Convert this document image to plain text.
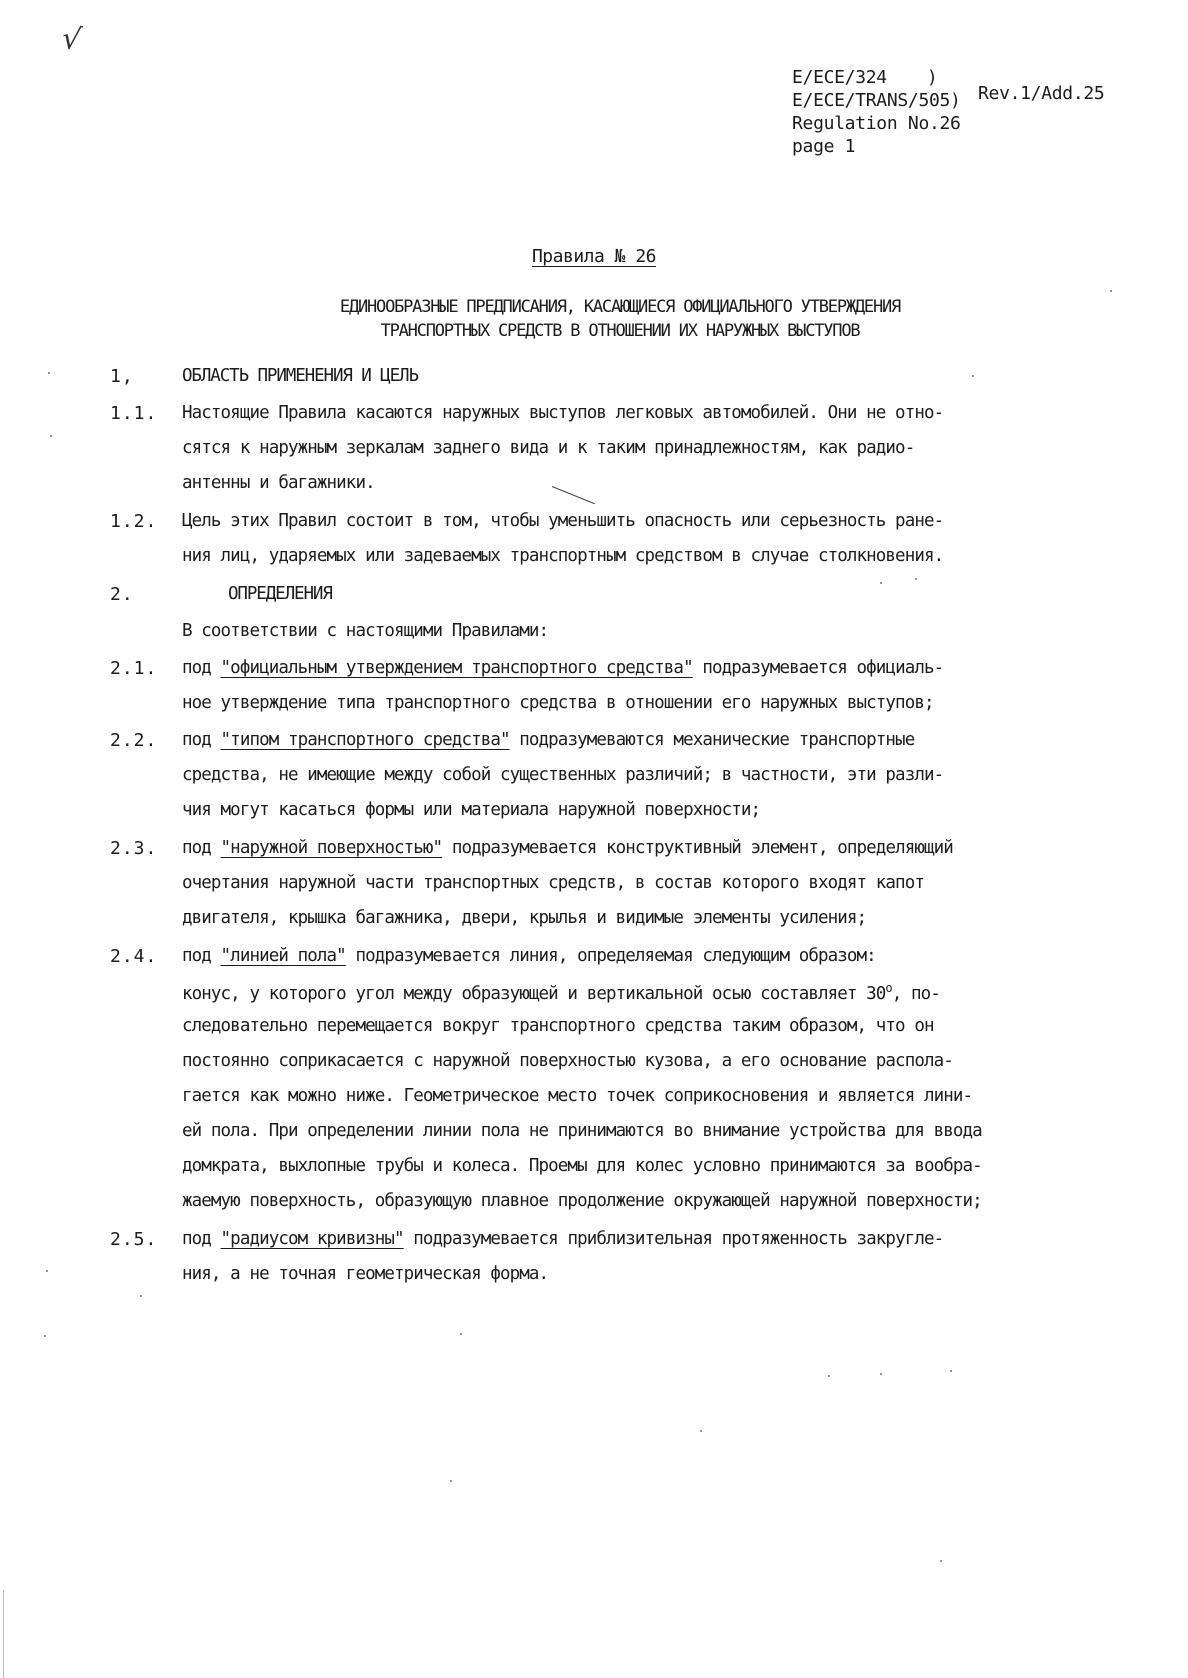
√
E/ECE/324 )
E/ECE/TRANS/505) Rev.1/Add.25
Regulation No.26
page 1
Правила № 26
ЕДИНООБРАЗНЫЕ ПРЕДПИСАНИЯ, КАСАЮЩИЕСЯ ОФИЦИАЛЬНОГО УТВЕРЖДЕНИЯ
ТРАНСПОРТНЫХ СРЕДСТВ В ОТНОШЕНИИ ИХ НАРУЖНЫХ ВЫСТУПОВ
1,	ОБЛАСТЬ ПРИМЕНЕНИЯ И ЦЕЛЬ
1.1. Настоящие Правила касаются наружных выступов легковых автомобилей. Они не отно-
сятся к наружным зеркалам заднего вида и к таким принадлежностям, как радио-
антенны и багажники.
1.2. Цель этих Правил состоит в том, чтобы уменьшить опасность или серьезность ране-
ния лиц, ударяемых или задеваемых транспортным средством в случае столкновения.
2.	ОПРЕДЕЛЕНИЯ
В соответствии с настоящими Правилами:
2.1. под "официальным утверждением транспортного средства" подразумевается официаль-
ное утверждение типа транспортного средства в отношении его наружных выступов;
2.2. под "типом транспортного средства" подразумеваются механические транспортные
средства, не имеющие между собой существенных различий; в частности, эти разли-
чия могут касаться формы или материала наружной поверхности;
2.3. под "наружной поверхностью" подразумевается конструктивный элемент, определяющий
очертания наружной части транспортных средств, в состав которого входят капот
двигателя, крышка багажника, двери, крылья и видимые элементы усиления;
2.4. под "линией пола" подразумевается линия, определяемая следующим образом:
конус, у которого угол между образующей и вертикальной осью составляет $30^о$, по-
следовательно перемещается вокруг транспортного средства таким образом, что он
постоянно соприкасается с наружной поверхностью кузова, а его основание распола-
гается как можно ниже. Геометрическое место точек соприкосновения и является лини-
ей пола. При определении линии пола не принимаются во внимание устройства для ввода
домкрата, выхлопные трубы и колеса. Проемы для колес условно принимаются за вообра-
жаемую поверхность, образующую плавное продолжение окружающей наружной поверхности;
2.5. под "радиусом кривизны" подразумевается приблизительная протяженность закругле-
ния, а не точная геометрическая форма.
